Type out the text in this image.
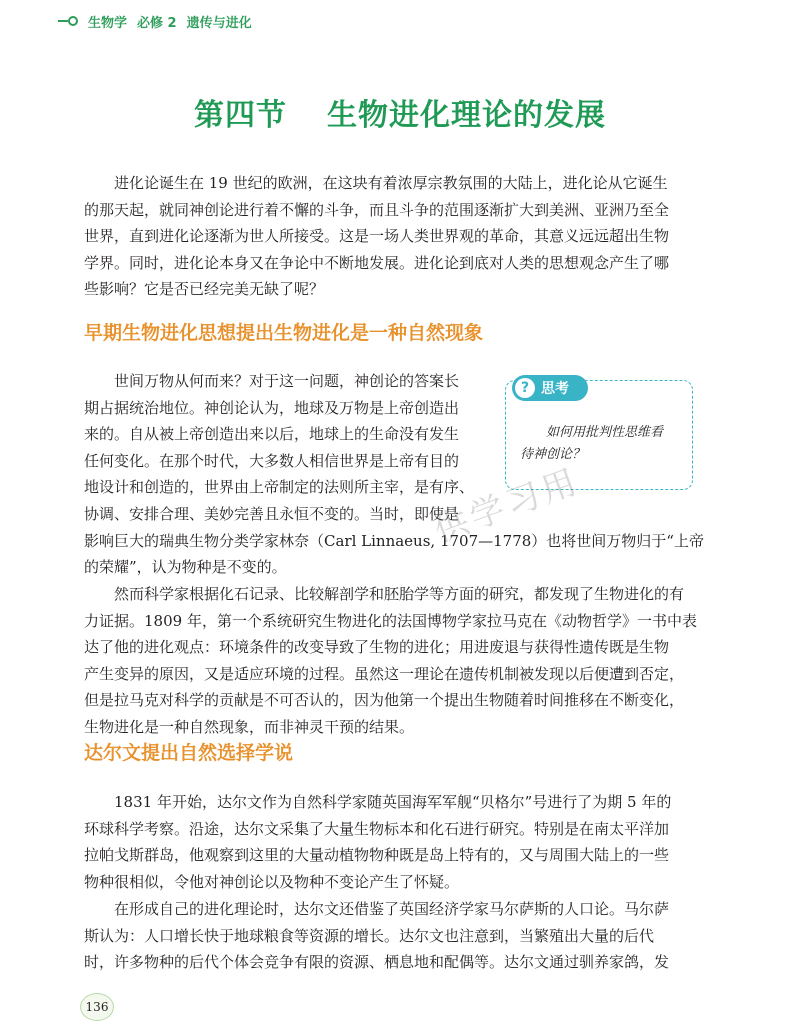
生物学 必修 2 遗传与进化
第四节 生物进化理论的发展
进化论诞生在 19 世纪的欧洲，在这块有着浓厚宗教氛围的大陆上，进化论从它诞生
的那天起，就同神创论进行着不懈的斗争，而且斗争的范围逐渐扩大到美洲、亚洲乃至全
世界，直到进化论逐渐为世人所接受。这是一场人类世界观的革命，其意义远远超出生物
学界。同时，进化论本身又在争论中不断地发展。进化论到底对人类的思想观念产生了哪
些影响？它是否已经完美无缺了呢？
早期生物进化思想提出生物进化是一种自然现象
世间万物从何而来？对于这一问题，神创论的答案长
期占据统治地位。神创论认为，地球及万物是上帝创造出
来的。自从被上帝创造出来以后，地球上的生命没有发生
任何变化。在那个时代，大多数人相信世界是上帝有目的
地设计和创造的，世界由上帝制定的法则所主宰，是有序、
协调、安排合理、美妙完善且永恒不变的。当时，即使是
影响巨大的瑞典生物分类学家林奈（Carl Linnaeus, 1707—1778）也将世间万物归于“上帝
的荣耀”，认为物种是不变的。
? 思考
如何用批判性思维看
待神创论？
然而科学家根据化石记录、比较解剖学和胚胎学等方面的研究，都发现了生物进化的有
力证据。1809 年，第一个系统研究生物进化的法国博物学家拉马克在《动物哲学》一书中表
达了他的进化观点：环境条件的改变导致了生物的进化；用进废退与获得性遗传既是生物
产生变异的原因，又是适应环境的过程。虽然这一理论在遗传机制被发现以后便遭到否定，
但是拉马克对科学的贡献是不可否认的，因为他第一个提出生物随着时间推移在不断变化，
生物进化是一种自然现象，而非神灵干预的结果。
达尔文提出自然选择学说
1831 年开始，达尔文作为自然科学家随英国海军军舰“贝格尔”号进行了为期 5 年的
环球科学考察。沿途，达尔文采集了大量生物标本和化石进行研究。特别是在南太平洋加
拉帕戈斯群岛，他观察到这里的大量动植物物种既是岛上特有的，又与周围大陆上的一些
物种很相似，令他对神创论以及物种不变论产生了怀疑。
在形成自己的进化理论时，达尔文还借鉴了英国经济学家马尔萨斯的人口论。马尔萨
斯认为：人口增长快于地球粮食等资源的增长。达尔文也注意到，当繁殖出大量的后代
时，许多物种的后代个体会竞争有限的资源、栖息地和配偶等。达尔文通过驯养家鸽，发
供学习用
136
